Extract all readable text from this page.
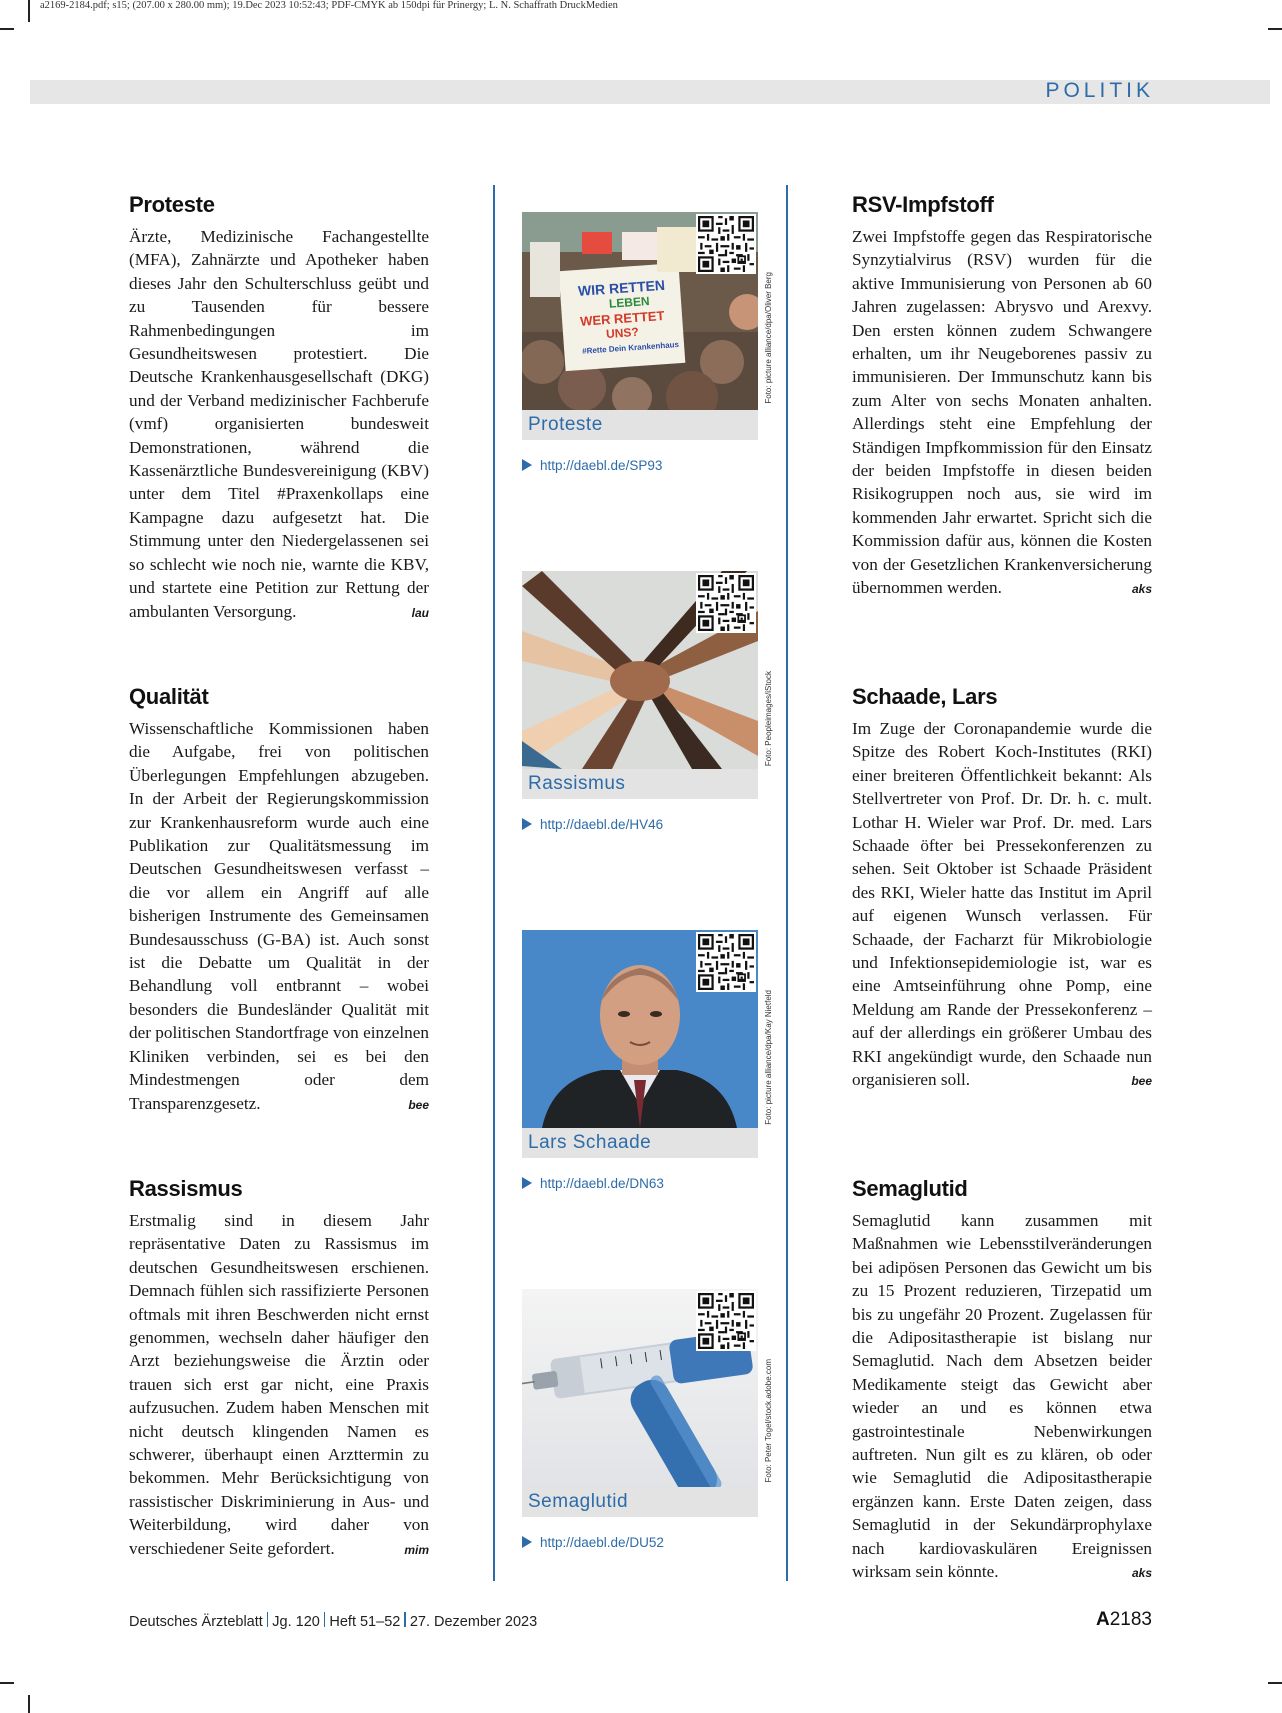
a2169-2184.pdf; s15; (207.00 x 280.00 mm); 19.Dec 2023 10:52:43; PDF-CMYK ab 150dpi für Prinergy; L. N. Schaffrath DruckMedien
POLITIK
Proteste

Ärzte, Medizinische Fachangestellte (MFA), Zahnärzte und Apotheker haben dieses Jahr den Schulterschluss geübt und zu Tausenden für bessere Rahmenbedingungen im Gesundheitswesen protestiert. Die Deutsche Krankenhausgesellschaft (DKG) und der Verband medizinischer Fachberufe (vmf) organisierten bundesweit Demonstrationen, während die Kassenärztliche Bundesvereinigung (KBV) unter dem Titel #Praxenkollaps eine Kampagne dazu aufgesetzt hat. Die Stimmung unter den Niedergelassenen sei so schlecht wie noch nie, warnte die KBV, und startete eine Petition zur Rettung der ambulanten Versorgung.	lau

Qualität

Wissenschaftliche Kommissionen haben die Aufgabe, frei von politischen Überlegungen Empfehlungen abzugeben. In der Arbeit der Regierungskommission zur Krankenhausreform wurde auch eine Publikation zur Qualitätsmessung im Deutschen Gesundheitswesen verfasst – die vor allem ein Angriff auf alle bisherigen Instrumente des Gemeinsamen Bundesausschuss (G-BA) ist. Auch sonst ist die Debatte um Qualität in der Behandlung voll entbrannt – wobei besonders die Bundesländer Qualität mit der politischen Standortfrage von einzelnen Kliniken verbinden, sei es bei den Mindestmengen oder dem Transparenzgesetz.	bee

Rassismus

Erstmalig sind in diesem Jahr repräsentative Daten zu Rassismus im deutschen Gesundheitswesen erschienen. Demnach fühlen sich rassifizierte Personen oftmals mit ihren Beschwerden nicht ernst genommen, wechseln daher häufiger den Arzt beziehungsweise die Ärztin oder trauen sich erst gar nicht, eine Praxis aufzusuchen. Zudem haben Menschen mit nicht deutsch klingenden Namen es schwerer, überhaupt einen Arzttermin zu bekommen. Mehr Berücksichtigung von rassistischer Diskriminierung in Aus- und Weiterbildung, wird daher von verschiedener Seite gefordert.	mim

WIR RETTEN
LEBEN
WER RETTET
UNS?
#Rette Dein Krankenhaus	Foto: picture alliance/dpa/Oliver Berg
Proteste
http://daebl.de/SP93
Foto: Peopleimages/iStock
Rassismus
http://daebl.de/HV46
Foto: picture alliance/dpa/Kay Nietfeld
Lars Schaade
http://daebl.de/DN63
Foto: Peter Togel/stock.adobe.com
Semaglutid
http://daebl.de/DU52
RSV-Impfstoff

Zwei Impfstoffe gegen das Respiratorische Synzytialvirus (RSV) wurden für die aktive Immunisierung von Personen ab 60 Jahren zugelassen: Abrysvo und Arexvy. Den ersten können zudem Schwangere erhalten, um ihr Neugeborenes passiv zu immunisieren. Der Immunschutz kann bis zum Alter von sechs Monaten anhalten. Allerdings steht eine Empfehlung der Ständigen Impfkommission für den Einsatz der beiden Impfstoffe in diesen beiden Risikogruppen noch aus, sie wird im kommenden Jahr erwartet. Spricht sich die Kommission dafür aus, können die Kosten von der Gesetzlichen Krankenversicherung übernommen werden.	aks

Schaade, Lars

Im Zuge der Coronapandemie wurde die Spitze des Robert Koch-Institutes (RKI) einer breiteren Öffentlichkeit bekannt: Als Stellvertreter von Prof. Dr. Dr. h. c. mult. Lothar H. Wieler war Prof. Dr. med. Lars Schaade öfter bei Pressekonferenzen zu sehen. Seit Oktober ist Schaade Präsident des RKI, Wieler hatte das Institut im April auf eigenen Wunsch verlassen. Für Schaade, der Facharzt für Mikrobiologie und Infektionsepidemiologie ist, war es eine Amtseinführung ohne Pomp, eine Meldung am Rande der Pressekonferenz – auf der allerdings ein größerer Umbau des RKI angekündigt wurde, den Schaade nun organisieren soll.	bee

Semaglutid

Semaglutid kann zusammen mit Maßnahmen wie Lebensstilveränderungen bei adipösen Personen das Gewicht um bis zu 15 Prozent reduzieren, Tirzepatid um bis zu ungefähr 20 Prozent. Zugelassen für die Adipositastherapie ist bislang nur Semaglutid. Nach dem Absetzen beider Medikamente steigt das Gewicht aber wieder an und es können etwa gastrointestinale Nebenwirkungen auftreten. Nun gilt es zu klären, ob oder wie Semaglutid die Adipositastherapie ergänzen kann. Erste Daten zeigen, dass Semaglutid in der Sekundärprophylaxe nach kardiovaskulären Ereignissen wirksam sein könnte.	aks

Deutsches Ärzteblatt Jg. 120 Heft 51–52 27. Dezember 2023	A2183
